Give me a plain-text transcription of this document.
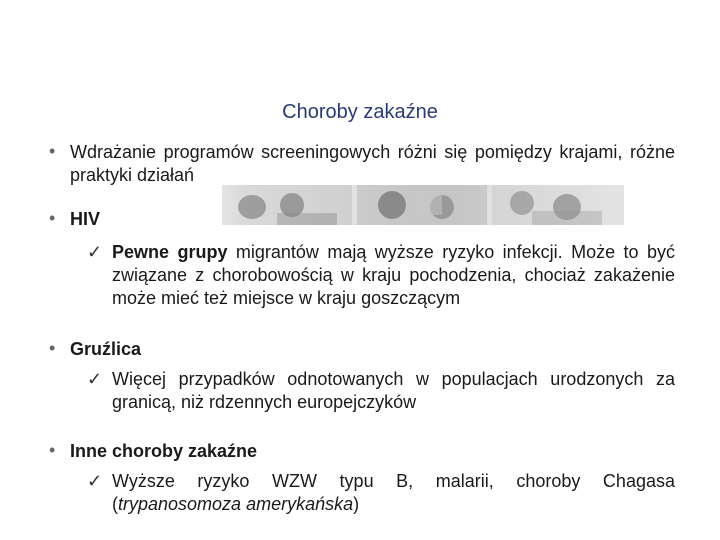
Choroby zakaźne
• Wdrażanie programów screeningowych różni się pomiędzy krajami, różne praktyki działań
• HIV
✓ Pewne grupy migrantów mają wyższe ryzyko infekcji. Może to być związane z chorobowością w kraju pochodzenia, chociaż zakażenie może mieć też miejsce w kraju goszczącym
• Gruźlica
✓ Więcej przypadków odnotowanych w populacjach urodzonych za granicą, niż rdzennych europejczyków
• Inne choroby zakaźne
✓ Wyższe ryzyko WZW typu B, malarii, choroby Chagasa (trypanosomoza amerykańska)
